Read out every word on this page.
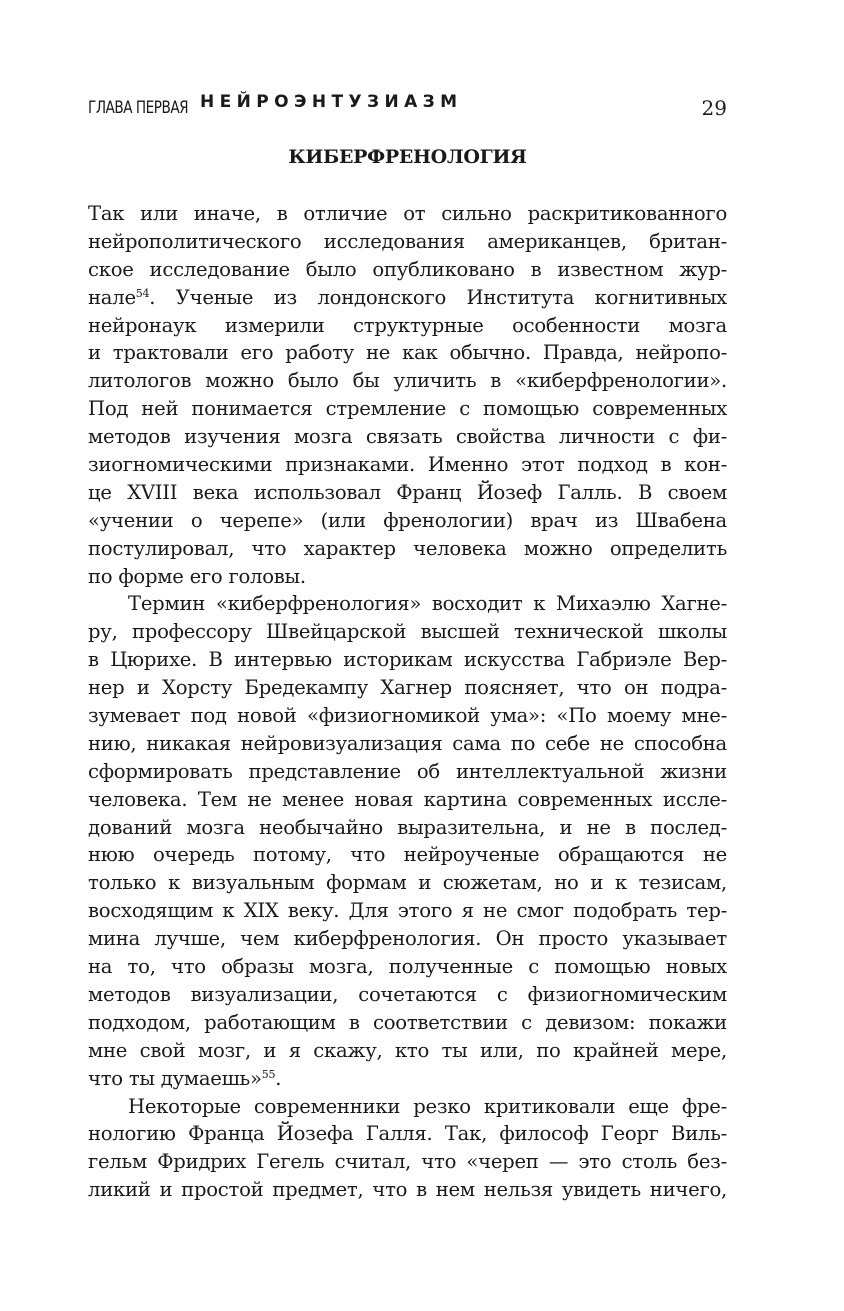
ГЛАВА ПЕРВАЯ НЕЙРОЭНТУЗИАЗМ	29
КИБЕРФРЕНОЛОГИЯ
Так или иначе, в отличие от сильно раскритикованного
нейрополитического исследования американцев, британ-
ское исследование было опубликовано в известном жур-
нале$^{54}$. Ученые из лондонского Института когнитивных
нейронаук измерили структурные особенности мозга
и трактовали его работу не как обычно. Правда, нейропо-
литологов можно было бы уличить в «киберфренологии».
Под ней понимается стремление с помощью современных
методов изучения мозга связать свойства личности с фи-
зиогномическими признаками. Именно этот подход в кон-
це XVIII века использовал Франц Йозеф Галль. В своем
«учении о черепе» (или френологии) врач из Швабена
постулировал, что характер человека можно определить
по форме его головы.
Термин «киберфренология» восходит к Михаэлю Хагне-
ру, профессору Швейцарской высшей технической школы
в Цюрихе. В интервью историкам искусства Габриэле Вер-
нер и Хорсту Бредекампу Хагнер поясняет, что он подра-
зумевает под новой «физиогномикой ума»: «По моему мне-
нию, никакая нейровизуализация сама по себе не способна
сформировать представление об интеллектуальной жизни
человека. Тем не менее новая картина современных иссле-
дований мозга необычайно выразительна, и не в послед-
нюю очередь потому, что нейроученые обращаются не
только к визуальным формам и сюжетам, но и к тезисам,
восходящим к XIX веку. Для этого я не смог подобрать тер-
мина лучше, чем киберфренология. Он просто указывает
на то, что образы мозга, полученные с помощью новых
методов визуализации, сочетаются с физиогномическим
подходом, работающим в соответствии с девизом: покажи
мне свой мозг, и я скажу, кто ты или, по крайней мере,
что ты думаешь»$^{55}$.
Некоторые современники резко критиковали еще фре-
нологию Франца Йозефа Галля. Так, философ Георг Виль-
гельм Фридрих Гегель считал, что «череп — это столь без-
ликий и простой предмет, что в нем нельзя увидеть ничего,
